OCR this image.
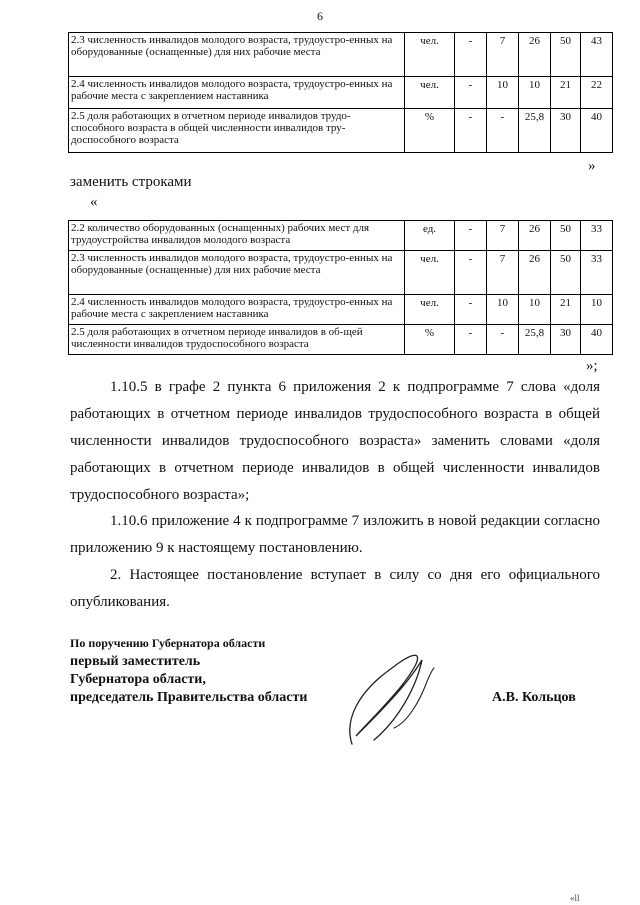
6
2.3 численность инвалидов молодого возраста, трудоустро-енных на оборудованные (оснащенные) для них рабочие места	чел.	-	7	26	50	43
2.4 численность инвалидов молодого возраста, трудоустро-енных на рабочие места с закреплением наставника	чел.	-	10	10	21	22
2.5 доля работающих в отчетном периоде инвалидов трудо-способного возраста в общей численности инвалидов тру-доспособного возраста	%	-	-	25,8	30	40
»
заменить строками
«
2.2 количество оборудованных (оснащенных) рабочих мест для трудоустройства инвалидов молодого возраста	ед.	-	7	26	50	33
2.3 численность инвалидов молодого возраста, трудоустро-енных на оборудованные (оснащенные) для них рабочие места	чел.	-	7	26	50	33
2.4 численность инвалидов молодого возраста, трудоустро-енных на рабочие места с закреплением наставника	чел.	-	10	10	21	10
2.5 доля работающих в отчетном периоде инвалидов в об-щей численности инвалидов трудоспособного возраста	%	-	-	25,8	30	40
»;
1.10.5 в графе 2 пункта 6 приложения 2 к подпрограмме 7 слова «доля работающих в отчетном периоде инвалидов трудоспособного возраста в общей численности инвалидов трудоспособного возраста» заменить словами «доля работающих в отчетном периоде инвалидов в общей численности инвалидов трудоспособного возраста»;
1.10.6 приложение 4 к подпрограмме 7 изложить в новой редакции согласно приложению 9 к настоящему постановлению.
2. Настоящее постановление вступает в силу со дня его официального опубликования.
По поручению Губернатора области
первый заместитель
Губернатора области,
председатель Правительства области	А.В. Кольцов
«ll
